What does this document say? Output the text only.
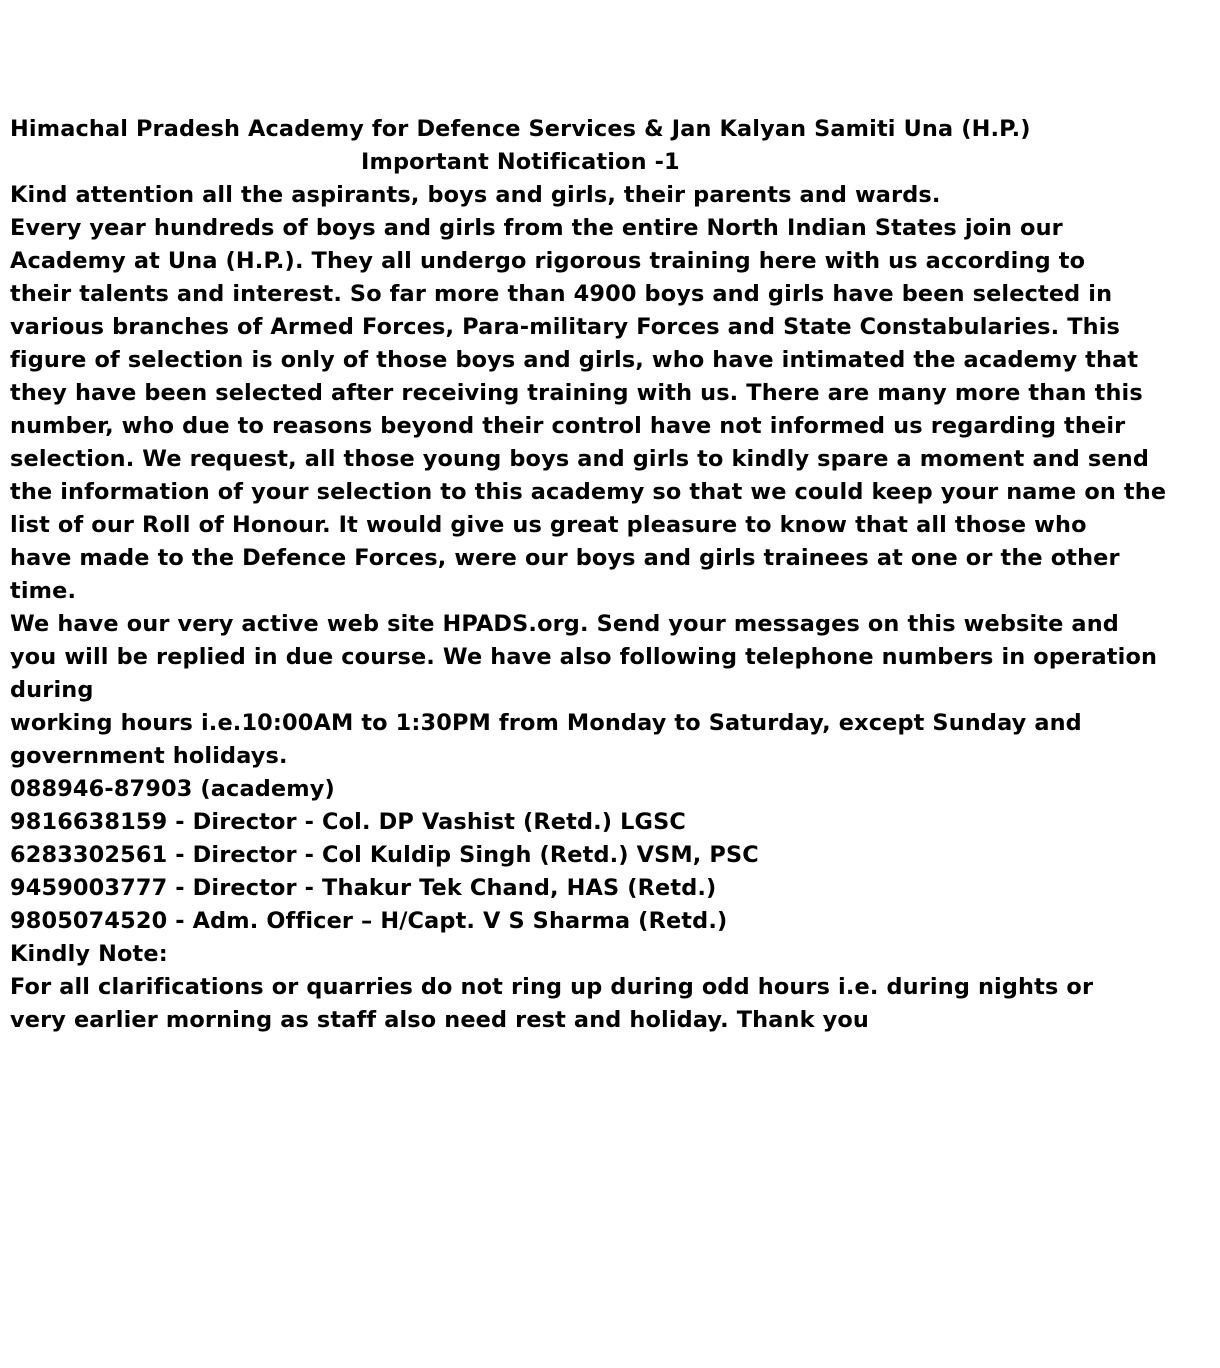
Himachal Pradesh Academy for Defence Services & Jan Kalyan Samiti Una (H.P.)
Important Notification -1
Kind attention all the aspirants, boys and girls, their parents and wards.
Every year hundreds of boys and girls from the entire North Indian States join our
Academy at Una (H.P.). They all undergo rigorous training here with us according to
their talents and interest. So far more than 4900 boys and girls have been selected in
various branches of Armed Forces, Para-military Forces and State Constabularies. This
figure of selection is only of those boys and girls, who have intimated the academy that
they have been selected after receiving training with us. There are many more than this
number, who due to reasons beyond their control have not informed us regarding their
selection. We request, all those young boys and girls to kindly spare a moment and send
the information of your selection to this academy so that we could keep your name on the
list of our Roll of Honour. It would give us great pleasure to know that all those who
have made to the Defence Forces, were our boys and girls trainees at one or the other
time.
We have our very active web site HPADS.org. Send your messages on this website and
you will be replied in due course. We have also following telephone numbers in operation
during
working hours i.e.10:00AM to 1:30PM from Monday to Saturday, except Sunday and
government holidays.
088946-87903 (academy)
9816638159 - Director - Col. DP Vashist (Retd.) LGSC
6283302561 - Director - Col Kuldip Singh (Retd.) VSM, PSC
9459003777 - Director - Thakur Tek Chand, HAS (Retd.)
9805074520 - Adm. Officer – H/Capt. V S Sharma (Retd.)
Kindly Note:
For all clarifications or quarries do not ring up during odd hours i.e. during nights or
very earlier morning as staff also need rest and holiday. Thank you
